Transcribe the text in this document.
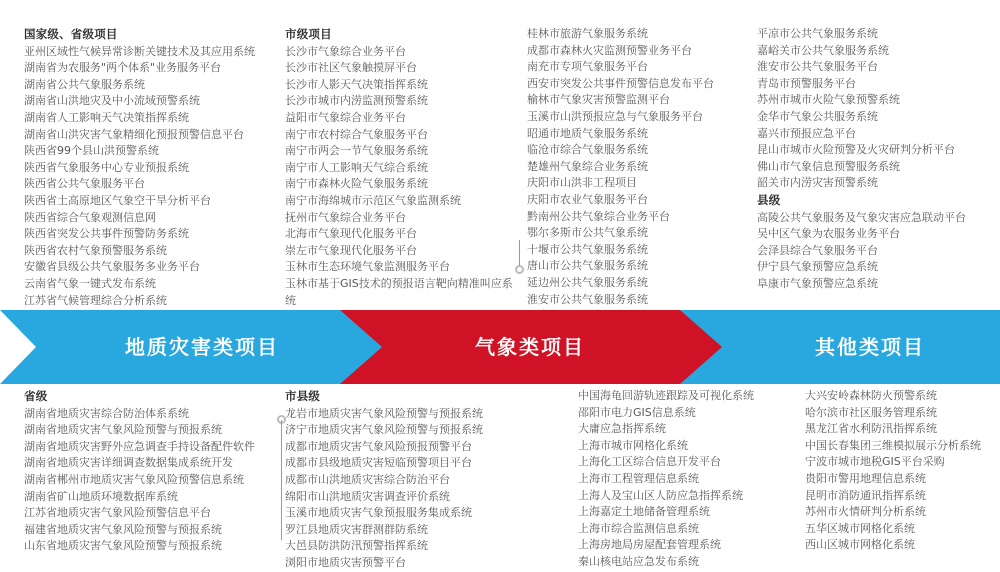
国家级、省级项目
亚州区域性气候异常诊断关键技术及其应用系统
湖南省为农服务"两个体系"业务服务平台
湖南省公共气象服务系统
湖南省山洪地灾及中小流域预警系统
湖南省人工影响天气决策指挥系统
湖南省山洪灾害气象精细化预报预警信息平台
陕西省99个县山洪预警系统
陕西省气象服务中心专业预报系统
陕西省公共气象服务平台
陕西省土高原地区气象空干旱分析平台
陕西省综合气象观测信息网
陕西省突发公共事件预警防务系统
陕西省农村气象预警服务系统
安徽省县级公共气象服务多业务平台
云南省气象一键式发布系统
江苏省气候管理综合分析系统
市级项目
长沙市气象综合业务平台
长沙市社区气象触摸屏平台
长沙市人影天气决策指挥系统
长沙市城市内涝监测预警系统
益阳市气象综合业务平台
南宁市农村综合气象服务平台
南宁市两会一节气象服务系统
南宁市人工影响天气综合系统
南宁市森林火险气象服务系统
南宁市海绵城市示范区气象监测系统
抚州市气象综合业务平台
北海市气象现代化服务平台
崇左市气象现代化服务平台
玉林市生态环境气象监测服务平台
玉林市基于GIS技术的预报语言靶向精准叫应系统
桂林市旅游气象服务系统
成都市森林火灾监测预警业务平台
南充市专项气象服务平台
西安市突发公共事件预警信息发布平台
榆林市气象灾害预警监测平台
玉溪市山洪预报应急与气象服务平台
昭通市地质气象服务系统
临沧市综合气象服务系统
楚雄州气象综合业务系统
庆阳市山洪非工程项目
庆阳市农业气象服务平台
黔南州公共气象综合业务平台
鄂尔多斯市公共气象系统
十堰市公共气象服务系统
唐山市公共气象服务系统
延边州公共气象服务系统
淮安市公共气象服务系统
平凉市公共气象服务系统
嘉峪关市公共气象服务系统
淮安市公共气象服务平台
青岛市预警服务平台
苏州市城市火险气象预警系统
金华市气象公共服务系统
嘉兴市预报应急平台
昆山市城市火险预警及火灾研判分析平台
佛山市气象信息预警服务系统
韶关市内涝灾害预警系统
县级
高陵公共气象服务及气象灾害应急联动平台
吴中区气象为农服务业务平台
会泽县综合气象服务平台
伊宁县气象预警应急系统
阜康市气象预警应急系统
地质灾害类项目	气象类项目	其他类项目
省级
湖南省地质灾害综合防治体系系统
湖南省地质灾害气象风险预警与预报系统
湖南省地质灾害野外应急调查手持设备配件软件
湖南省地质灾害详细调查数据集成系统开发
湖南省郴州市地质灾害气象风险预警信息系统
湖南省矿山地质环境数据库系统
江苏省地质灾害气象风险预警信息平台
福建省地质灾害气象风险预警与预报系统
山东省地质灾害气象风险预警与预报系统
市县级
龙岩市地质灾害气象风险预警与预报系统
济宁市地质灾害气象风险预警与预报系统
成都市地质灾害气象风险预报预警平台
成都市县级地质灾害短临预警项目平台
成都市山洪地质灾害综合防治平台
绵阳市山洪地质灾害调查评价系统
玉溪市地质灾害气象预报服务集成系统
罗江县地质灾害群测群防系统
大邑县防洪防汛预警指挥系统
浏阳市地质灾害预警平台
中国海龟回游轨迹跟踪及可视化系统
邵阳市电力GIS信息系统
大庸应急指挥系统
上海市城市网格化系统
上海化工区综合信息开发平台
上海市工程管理信息系统
上海人及宝山区人防应急指挥系统
上海嘉定土地储备管理系统
上海市综合监测信息系统
上海房地局房屋配套管理系统
秦山核电站应急发布系统
大兴安岭森林防火预警系统
哈尔滨市社区服务管理系统
黑龙江省水利防汛指挥系统
中国长春集团三维模拟展示分析系统
宁波市城市地税GIS平台采购
贵阳市警用地理信息系统
昆明市消防通讯指挥系统
苏州市火情研判分析系统
五华区城市网格化系统
西山区城市网格化系统
